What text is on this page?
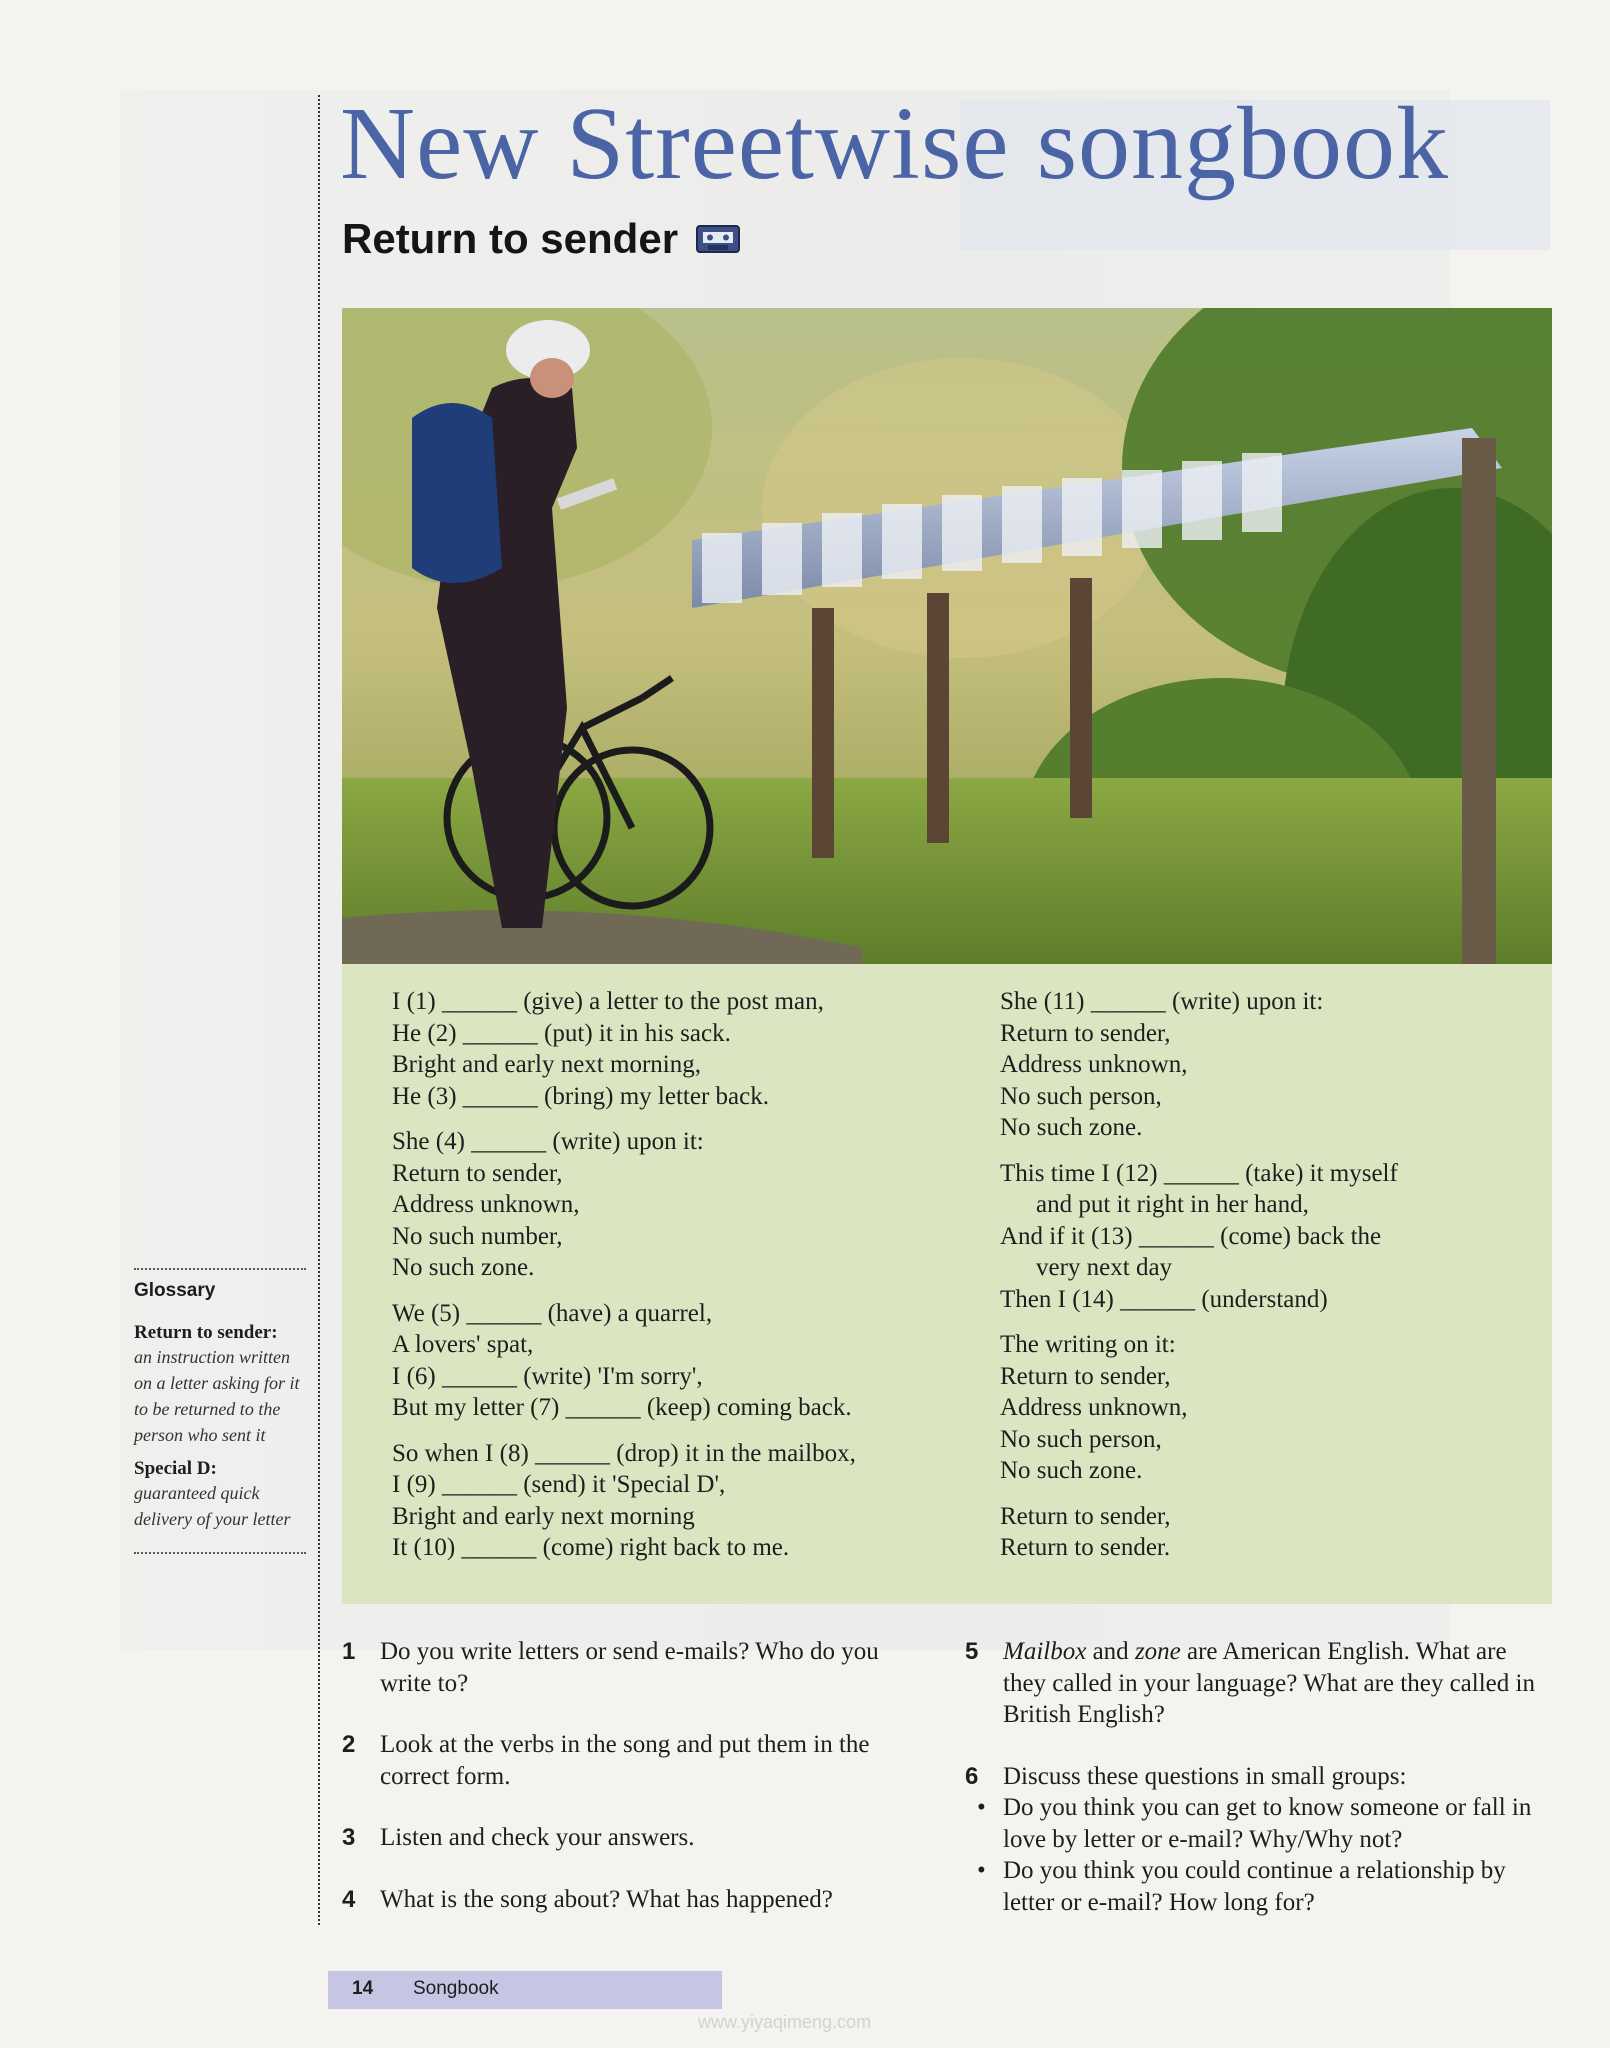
New Streetwise songbook
Return to sender
I (1) ______ (give) a letter to the post man,
He (2) ______ (put) it in his sack.
Bright and early next morning,
He (3) ______ (bring) my letter back.
She (4) ______ (write) upon it:
Return to sender,
Address unknown,
No such number,
No such zone.
We (5) ______ (have) a quarrel,
A lovers' spat,
I (6) ______ (write) 'I'm sorry',
But my letter (7) ______ (keep) coming back.
So when I (8) ______ (drop) it in the mailbox,
I (9) ______ (send) it 'Special D',
Bright and early next morning
It (10) ______ (come) right back to me.
She (11) ______ (write) upon it:
Return to sender,
Address unknown,
No such person,
No such zone.
This time I (12) ______ (take) it myself
and put it right in her hand,
And if it (13) ______ (come) back the
very next day
Then I (14) ______ (understand)
The writing on it:
Return to sender,
Address unknown,
No such person,
No such zone.
Return to sender,
Return to sender.
Glossary
Return to sender:
an instruction written on a letter asking for it to be returned to the person who sent it
Special D:
guaranteed quick delivery of your letter
1 Do you write letters or send e-mails? Who do you write to?
2 Look at the verbs in the song and put them in the correct form.
3 Listen and check your answers.
4 What is the song about? What has happened?
5 Mailbox and zone are American English. What are they called in your language? What are they called in British English?
6 Discuss these questions in small groups:
• Do you think you can get to know someone or fall in love by letter or e-mail? Why/Why not?
• Do you think you could continue a relationship by letter or e-mail? How long for?
14 Songbook
www.yiyaqimeng.com
